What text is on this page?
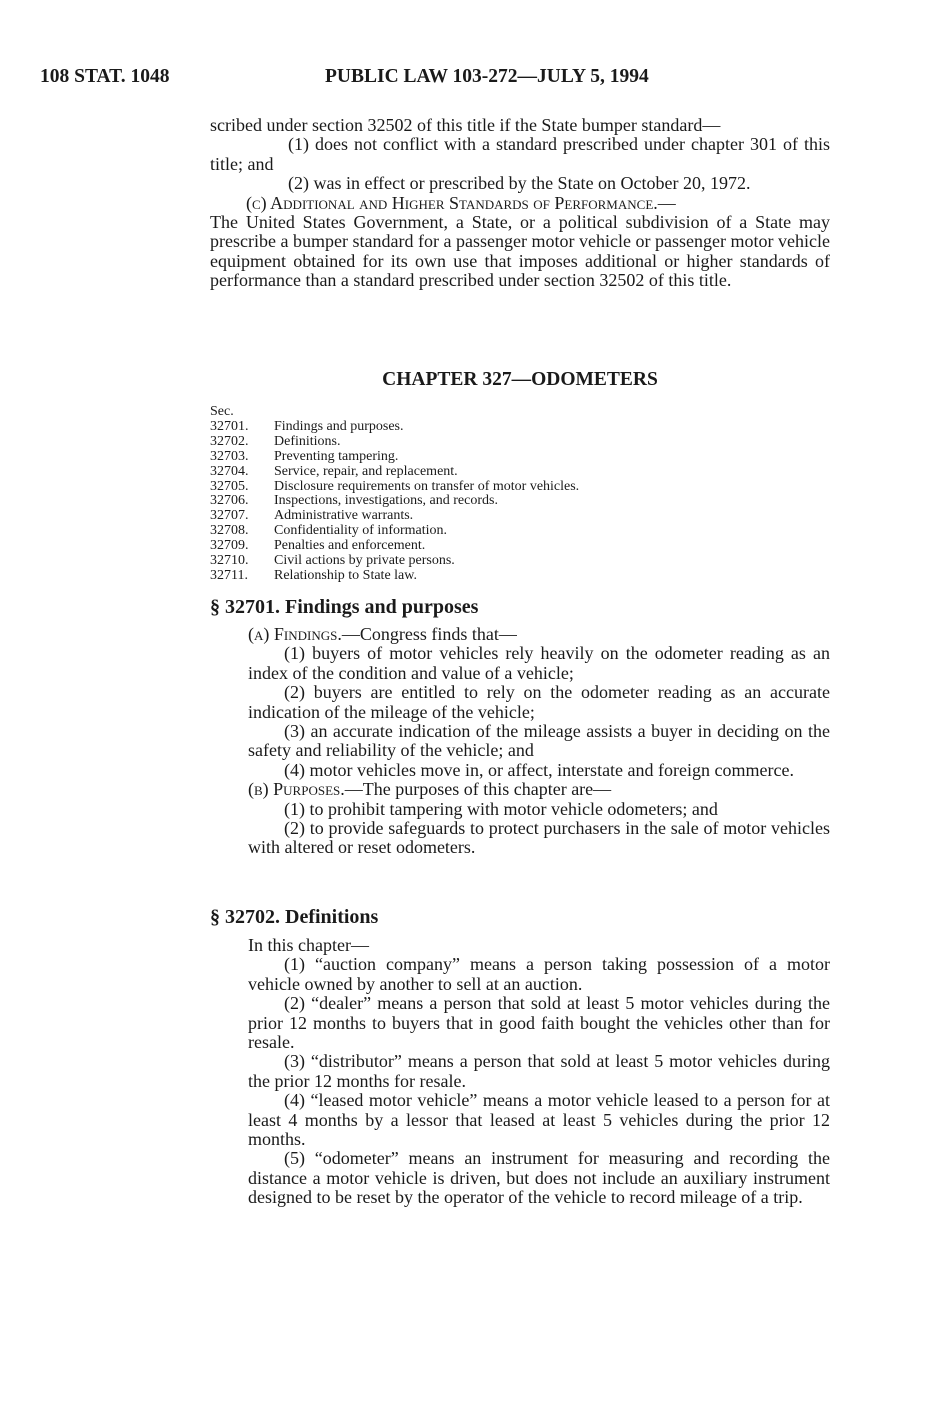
108 STAT. 1048	PUBLIC LAW 103-272—JULY 5, 1994

scribed under section 32502 of this title if the State bumper standard—

(1) does not conflict with a standard prescribed under chapter 301 of this title; and

(2) was in effect or prescribed by the State on October 20, 1972.

(c) Additional and Higher Standards of Performance.—

The United States Government, a State, or a political subdivision of a State may prescribe a bumper standard for a passenger motor vehicle or passenger motor vehicle equipment obtained for its own use that imposes additional or higher standards of performance than a standard prescribed under section 32502 of this title.

CHAPTER 327—ODOMETERS
Sec.
32701.	Findings and purposes.
32702.	Definitions.
32703.	Preventing tampering.
32704.	Service, repair, and replacement.
32705.	Disclosure requirements on transfer of motor vehicles.
32706.	Inspections, investigations, and records.
32707.	Administrative warrants.
32708.	Confidentiality of information.
32709.	Penalties and enforcement.
32710.	Civil actions by private persons.
32711.	Relationship to State law.

§ 32701. Findings and purposes

(a) Findings.—Congress finds that—

(1) buyers of motor vehicles rely heavily on the odometer reading as an index of the condition and value of a vehicle;

(2) buyers are entitled to rely on the odometer reading as an accurate indication of the mileage of the vehicle;

(3) an accurate indication of the mileage assists a buyer in deciding on the safety and reliability of the vehicle; and

(4) motor vehicles move in, or affect, interstate and foreign commerce.

(b) Purposes.—The purposes of this chapter are—

(1) to prohibit tampering with motor vehicle odometers; and

(2) to provide safeguards to protect purchasers in the sale of motor vehicles with altered or reset odometers.

§ 32702. Definitions

In this chapter—

(1) “auction company” means a person taking possession of a motor vehicle owned by another to sell at an auction.

(2) “dealer” means a person that sold at least 5 motor vehicles during the prior 12 months to buyers that in good faith bought the vehicles other than for resale.

(3) “distributor” means a person that sold at least 5 motor vehicles during the prior 12 months for resale.

(4) “leased motor vehicle” means a motor vehicle leased to a person for at least 4 months by a lessor that leased at least 5 vehicles during the prior 12 months.

(5) “odometer” means an instrument for measuring and recording the distance a motor vehicle is driven, but does not include an auxiliary instrument designed to be reset by the operator of the vehicle to record mileage of a trip.
